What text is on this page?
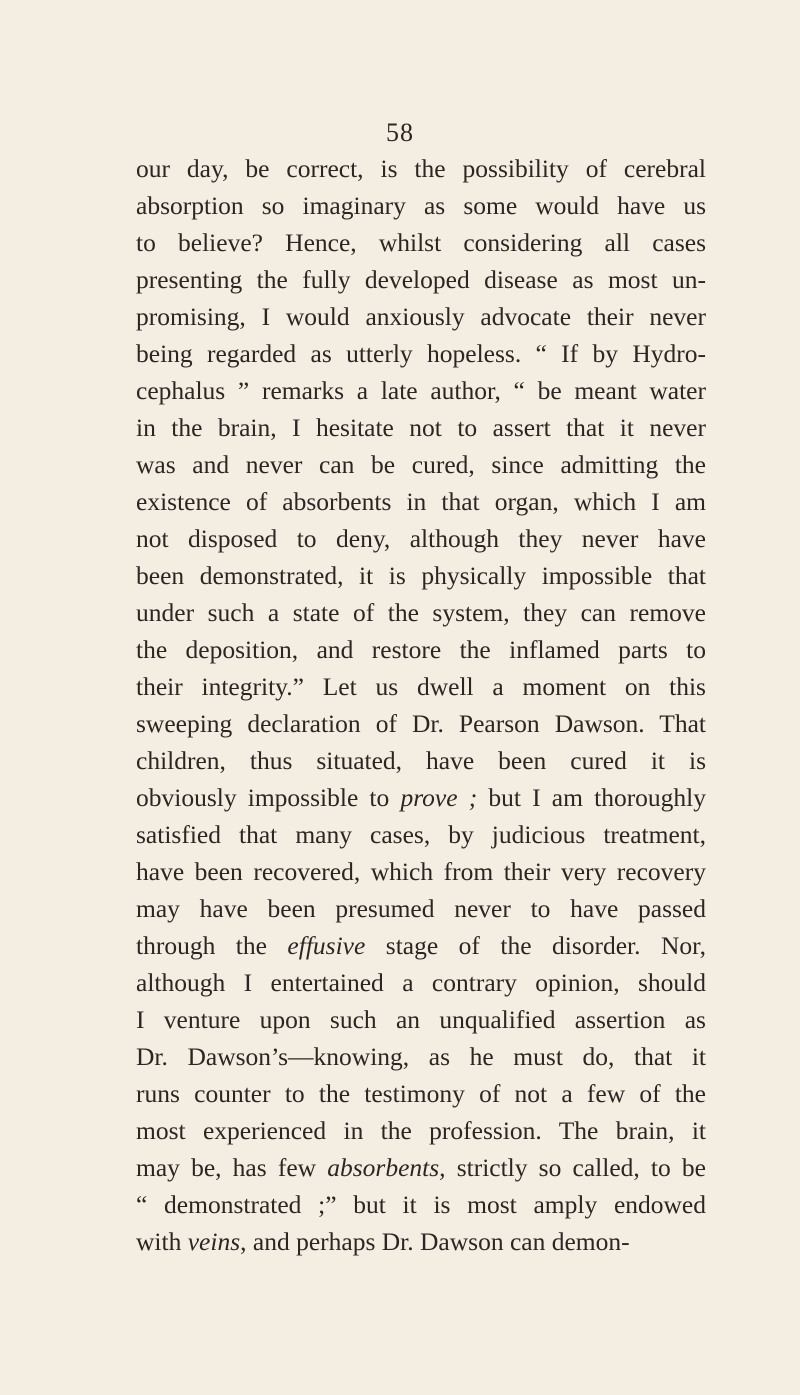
58
our day, be correct, is the possibility of cerebral
absorption so imaginary as some would have us
to believe? Hence, whilst considering all cases
presenting the fully developed disease as most un-
promising, I would anxiously advocate their never
being regarded as utterly hopeless. “ If by Hydro-
cephalus ” remarks a late author, “ be meant water
in the brain, I hesitate not to assert that it never
was and never can be cured, since admitting the
existence of absorbents in that organ, which I am
not disposed to deny, although they never have
been demonstrated, it is physically impossible that
under such a state of the system, they can remove
the deposition, and restore the inflamed parts to
their integrity.” Let us dwell a moment on this
sweeping declaration of Dr. Pearson Dawson. That
children, thus situated, have been cured it is
obviously impossible to prove ; but I am thoroughly
satisfied that many cases, by judicious treatment,
have been recovered, which from their very recovery
may have been presumed never to have passed
through the effusive stage of the disorder. Nor,
although I entertained a contrary opinion, should
I venture upon such an unqualified assertion as
Dr. Dawson’s—knowing, as he must do, that it
runs counter to the testimony of not a few of the
most experienced in the profession. The brain, it
may be, has few absorbents, strictly so called, to be
“ demonstrated ;” but it is most amply endowed
with veins, and perhaps Dr. Dawson can demon-
